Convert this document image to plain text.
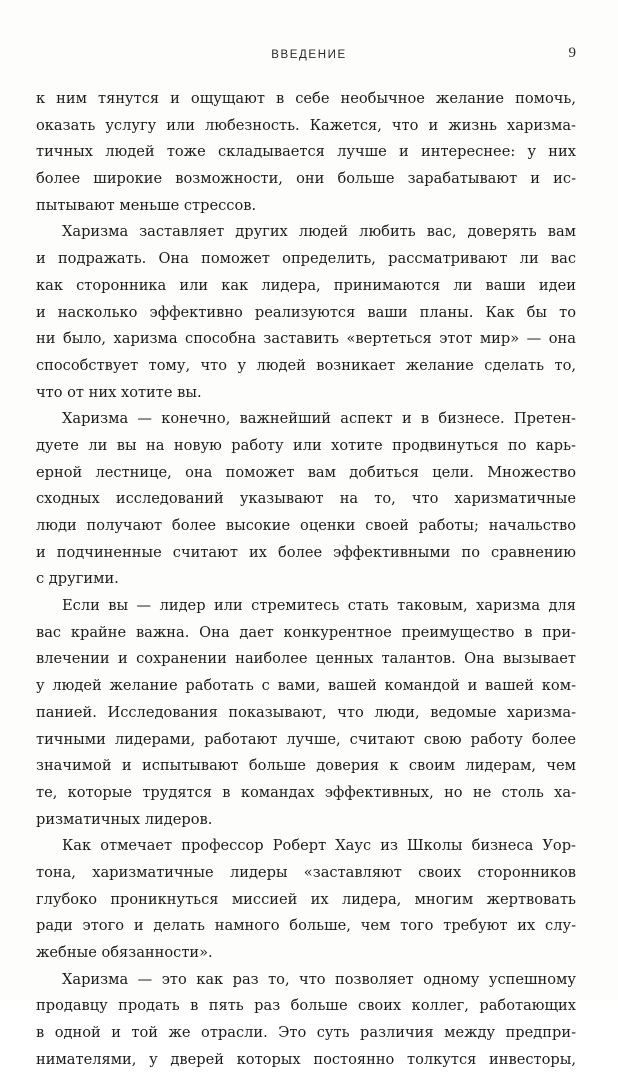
ВВЕДЕНИЕ	9
к ним тянутся и ощущают в себе необычное желание помочь,
оказать услугу или любезность. Кажется, что и жизнь харизма-
тичных людей тоже складывается лучше и интереснее: у них
более широкие возможности, они больше зарабатывают и ис-
пытывают меньше стрессов.
Харизма заставляет других людей любить вас, доверять вам
и подражать. Она поможет определить, рассматривают ли вас
как сторонника или как лидера, принимаются ли ваши идеи
и насколько эффективно реализуются ваши планы. Как бы то
ни было, харизма способна заставить «вертеться этот мир» — она
способствует тому, что у людей возникает желание сделать то,
что от них хотите вы.
Харизма — конечно, важнейший аспект и в бизнесе. Претен-
дуете ли вы на новую работу или хотите продвинуться по карь-
ерной лестнице, она поможет вам добиться цели. Множество
сходных исследований указывают на то, что харизматичные
люди получают более высокие оценки своей работы; начальство
и подчиненные считают их более эффективными по сравнению
с другими.
Если вы — лидер или стремитесь стать таковым, харизма для
вас крайне важна. Она дает конкурентное преимущество в при-
влечении и сохранении наиболее ценных талантов. Она вызывает
у людей желание работать с вами, вашей командой и вашей ком-
панией. Исследования показывают, что люди, ведомые харизма-
тичными лидерами, работают лучше, считают свою работу более
значимой и испытывают больше доверия к своим лидерам, чем
те, которые трудятся в командах эффективных, но не столь ха-
ризматичных лидеров.
Как отмечает профессор Роберт Хаус из Школы бизнеса Уор-
тона, харизматичные лидеры «заставляют своих сторонников
глубоко проникнуться миссией их лидера, многим жертвовать
ради этого и делать намного больше, чем того требуют их слу-
жебные обязанности».
Харизма — это как раз то, что позволяет одному успешному
продавцу продать в пять раз больше своих коллег, работающих
в одной и той же отрасли. Это суть различия между предпри-
нимателями, у дверей которых постоянно толкутся инвесторы,
